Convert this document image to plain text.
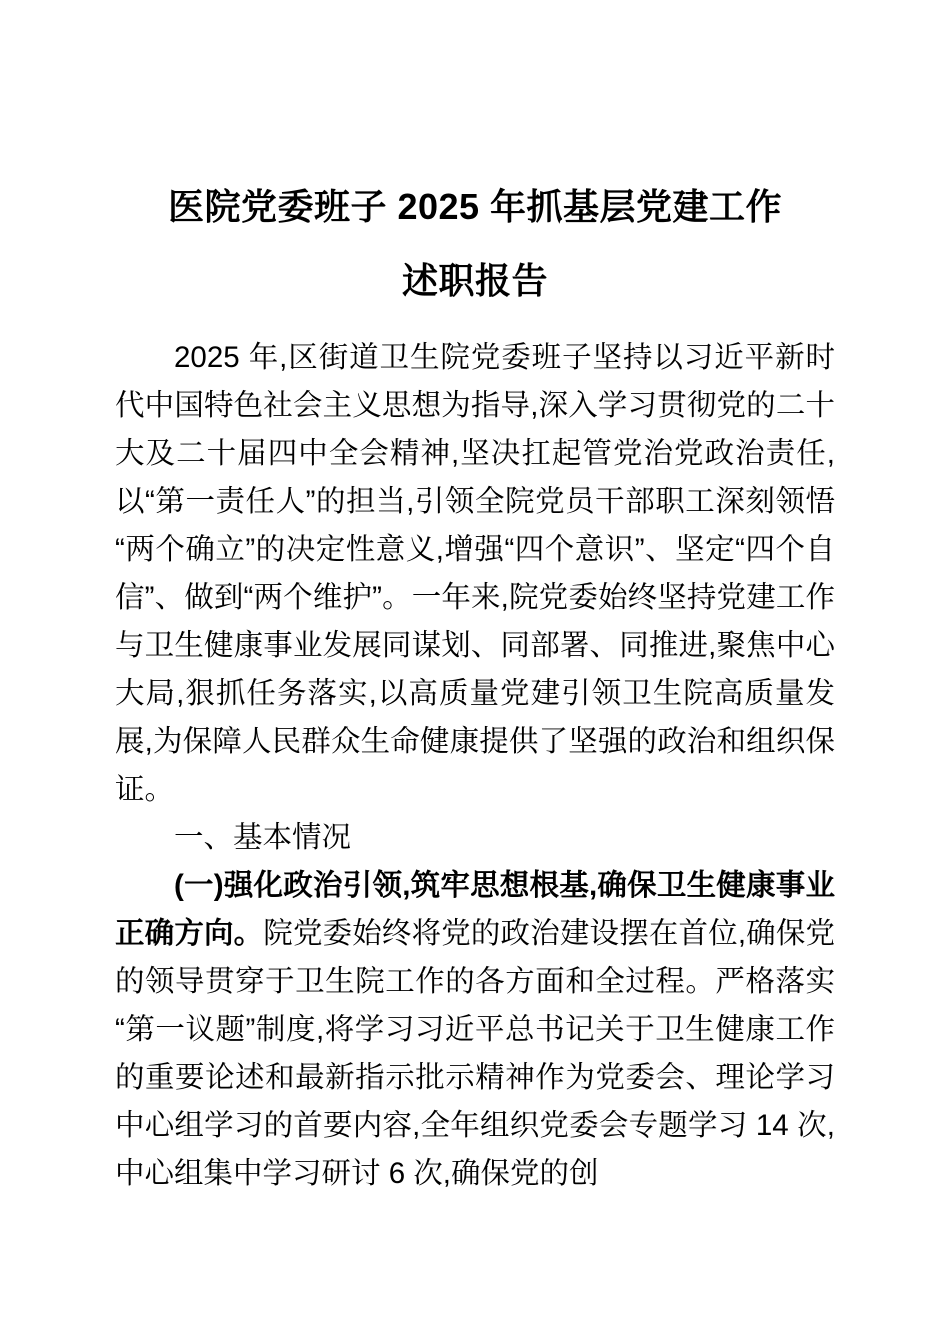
医院党委班子 2025 年抓基层党建工作
述职报告

2025 年,区街道卫生院党委班子坚持以习近平新时代中国特色社会主义思想为指导,深入学习贯彻党的二十大及二十届四中全会精神,坚决扛起管党治党政治责任,以“第一责任人”的担当,引领全院党员干部职工深刻领悟“两个确立”的决定性意义,增强“四个意识”、坚定“四个自信”、做到“两个维护”。一年来,院党委始终坚持党建工作与卫生健康事业发展同谋划、同部署、同推进,聚焦中心大局,狠抓任务落实,以高质量党建引领卫生院高质量发展,为保障人民群众生命健康提供了坚强的政治和组织保证。

一、基本情况

(一)强化政治引领,筑牢思想根基,确保卫生健康事业正确方向。院党委始终将党的政治建设摆在首位,确保党的领导贯穿于卫生院工作的各方面和全过程。严格落实“第一议题”制度,将学习习近平总书记关于卫生健康工作的重要论述和最新指示批示精神作为党委会、理论学习中心组学习的首要内容,全年组织党委会专题学习 14 次,中心组集中学习研讨 6 次,确保党的创
